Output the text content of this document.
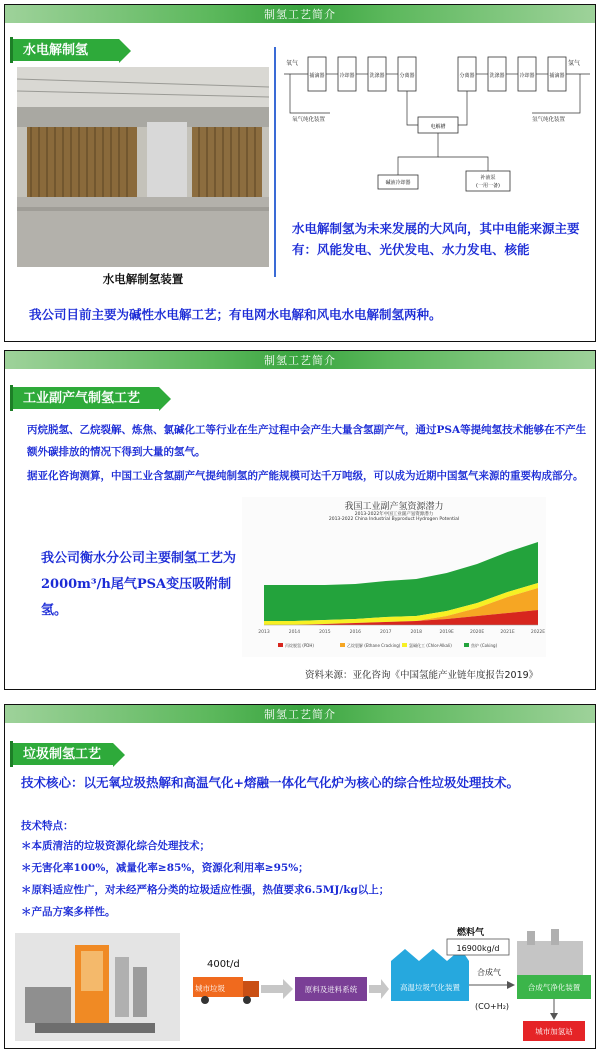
制氢工艺简介
水电解制氢
水电解制氢装置
氧气	氢气
捕滴器	冷却器	洗涤器	分离器	分离器	洗涤器	冷却器	捕滴器
电解槽
碱液冷却器
补液泵
(一用一备)
氧气纯化装置	氢气纯化装置
水电解制氢为未来发展的大风向，其中电能来源主要有：风能发电、光伏发电、水力发电、核能
我公司目前主要为碱性水电解工艺；有电网水电解和风电水电解制氢两种。
制氢工艺简介
工业副产气制氢工艺
丙烷脱氢、乙烷裂解、炼焦、氯碱化工等行业在生产过程中会产生大量含氢副产气，通过PSA等提纯氢技术能够在不产生额外碳排放的情况下得到大量的氢气。
据亚化咨询测算，中国工业含氢副产气提纯制氢的产能规模可达千万吨级，可以成为近期中国氢气来源的重要构成部分。
我公司衡水分公司主要制氢工艺为2000m³/h尾气PSA变压吸附制氢。
我国工业副产氢资源潜力
2013-2022年中国工业副产氢资源潜力
2013-2022 China Industrial Byproduct Hydrogen Potential
2013	2014	2015	2016	2017	2018	2019E	2020E	2021E	2022E
丙烷脱氢 (PDH)	乙烷裂解 (Ethane Cracking) 氯碱化工 (Chlor-Alkali)	焦炉 (Coking)
资料来源：亚化咨询《中国氢能产业链年度报告2019》
制氢工艺简介
垃圾制氢工艺
技术核心：以无氧垃圾热解和高温气化+熔融一体化气化炉为核心的综合性垃圾处理技术。
技术特点：
＊本质清洁的垃圾资源化综合处理技术；
＊无害化率100%，减量化率≥85%，资源化利用率≥95%；
＊原料适应性广，对未经严格分类的垃圾适应性强，热值要求6.5MJ/kg以上；
＊产品方案多样性。
400t/d
城市垃圾	原料及进料系统	高温垃圾气化装置
燃料气
16900kg/d
合成气
(CO+H₂)
合成气净化装置
城市加氢站
